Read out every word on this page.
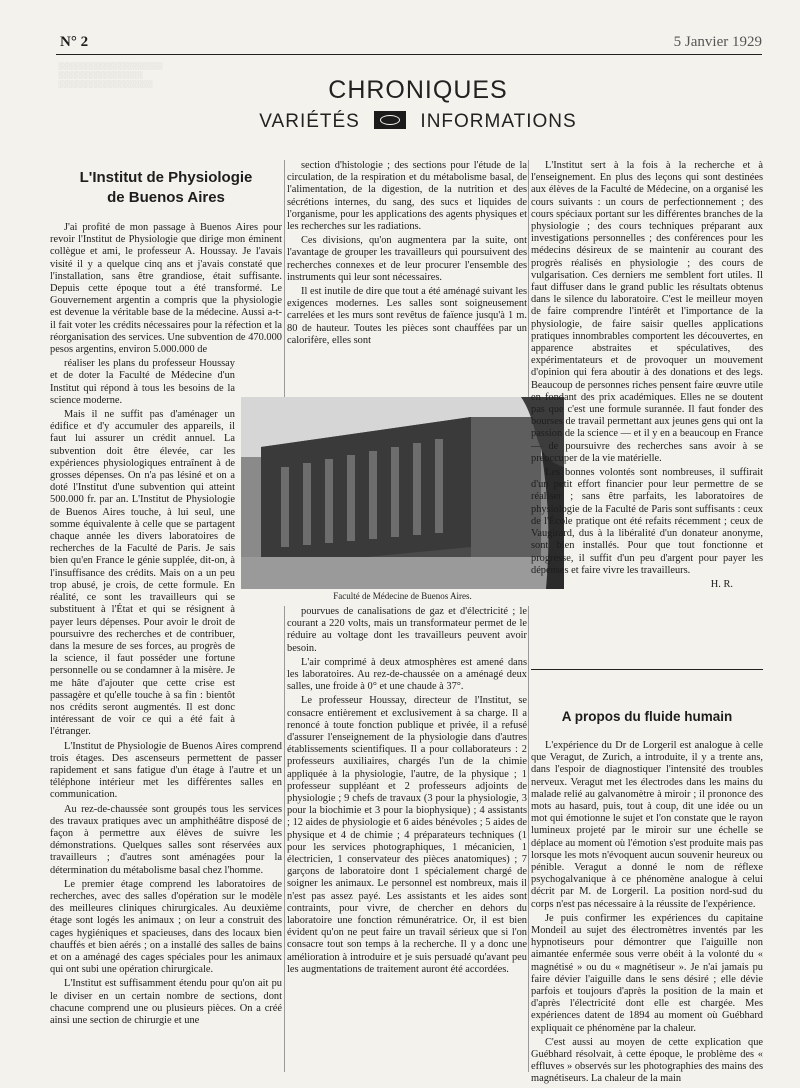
N° 2	5 Janvier 1929
░░░░░░░░░░░░░░░░░░░░░
░░░░░░░░░░░░░░░░░
░░░░░░░░░░░░░░░░░░░	CHRONIQUES
VARIÉTÉS	INFORMATIONS
L'Institut de Physiologie
de Buenos Aires

J'ai profité de mon passage à Buenos Aires pour revoir l'Institut de Physiologie que dirige mon éminent collègue et ami, le professeur A. Houssay. Je l'avais visité il y a quelque cinq ans et j'avais constaté que l'installation, sans être grandiose, était suffisante. Depuis cette époque tout a été transformé. Le Gouvernement argentin a compris que la physiologie est devenue la véritable base de la médecine. Aussi a-t-il fait voter les crédits nécessaires pour la réfection et la réorganisation des services. Une subvention de 470.000 pesos argentins, environ 5.000.000 de

réaliser les plans du professeur Houssay et de doter la Faculté de Médecine d'un Institut qui répond à tous les besoins de la science moderne.

Mais il ne suffit pas d'aménager un édifice et d'y accumuler des appareils, il faut lui assurer un crédit annuel. La subvention doit être élevée, car les expériences physiologiques entraînent à de grosses dépenses. On n'a pas lésiné et on a doté l'Institut d'une subvention qui atteint 500.000 fr. par an. L'Institut de Physiologie de Buenos Aires touche, à lui seul, une somme équivalente à celle que se partagent chaque année les divers laboratoires de recherches de la Faculté de Paris. Je sais bien qu'en France le génie supplée, dit-on, à l'insuffisance des crédits. Mais on a un peu trop abusé, je crois, de cette formule. En réalité, ce sont les travailleurs qui se substituent à l'État et qui se résignent à payer leurs dépenses. Pour avoir le droit de poursuivre des recherches et de contribuer, dans la mesure de ses forces, au progrès de la science, il faut posséder une fortune personnelle ou se condamner à la misère. Je me hâte d'ajouter que cette crise est passagère et qu'elle touche à sa fin : bientôt nos crédits seront augmentés. Il est donc intéressant de voir ce qui a été fait à l'étranger.

L'Institut de Physiologie de Buenos Aires comprend trois étages. Des ascenseurs permettent de passer rapidement et sans fatigue d'un étage à l'autre et un téléphone intérieur met les différentes salles en communication.

Au rez-de-chaussée sont groupés tous les services des travaux pratiques avec un amphithéâtre disposé de façon à permettre aux élèves de suivre les démonstrations. Quelques salles sont réservées aux travailleurs ; d'autres sont aménagées pour la détermination du métabolisme basal chez l'homme.

Le premier étage comprend les laboratoires de recherches, avec des salles d'opération sur le modèle des meilleures cliniques chirurgicales. Au deuxième étage sont logés les animaux ; on leur a construit des cages hygiéniques et spacieuses, dans des locaux bien chauffés et bien aérés ; on a installé des salles de bains et on a aménagé des cages spéciales pour les animaux qui ont subi une opération chirurgicale.

L'Institut est suffisamment étendu pour qu'on ait pu le diviser en un certain nombre de sections, dont chacune comprend une ou plusieurs pièces. On a créé ainsi une section de chirurgie et une

section d'histologie ; des sections pour l'étude de la circulation, de la respiration et du métabolisme basal, de l'alimentation, de la digestion, de la nutrition et des sécrétions internes, du sang, des sucs et liquides de l'organisme, pour les applications des agents physiques et les recherches sur les radiations.

Ces divisions, qu'on augmentera par la suite, ont l'avantage de grouper les travailleurs qui poursuivent des recherches connexes et de leur procurer l'ensemble des instruments qui leur sont nécessaires.

Il est inutile de dire que tout a été aménagé suivant les exigences modernes. Les salles sont soigneusement carrelées et les murs sont revêtus de faïence jusqu'à 1 m. 80 de hauteur. Toutes les pièces sont chauffées par un calorifère, elles sont

Faculté de Médecine de Buenos Aires.

pourvues de canalisations de gaz et d'électricité ; le courant a 220 volts, mais un transformateur permet de le réduire au voltage dont les travailleurs peuvent avoir besoin.

L'air comprimé à deux atmosphères est amené dans les laboratoires. Au rez-de-chaussée on a aménagé deux salles, une froide à 0° et une chaude à 37°.

Le professeur Houssay, directeur de l'Institut, se consacre entièrement et exclusivement à sa charge. Il a renoncé à toute fonction publique et privée, il a refusé d'assurer l'enseignement de la physiologie dans d'autres établissements scientifiques. Il a pour collaborateurs : 2 professeurs auxiliaires, chargés l'un de la chimie appliquée à la physiologie, l'autre, de la physique ; 1 professeur suppléant et 2 professeurs adjoints de physiologie ; 9 chefs de travaux (3 pour la physiologie, 3 pour la biochimie et 3 pour la biophysique) ; 4 assistants ; 12 aides de physiologie et 6 aides bénévoles ; 5 aides de physique et 4 de chimie ; 4 préparateurs techniques (1 pour les services photographiques, 1 mécanicien, 1 électricien, 1 conservateur des pièces anatomiques) ; 7 garçons de laboratoire dont 1 spécialement chargé de soigner les animaux. Le personnel est nombreux, mais il n'est pas assez payé. Les assistants et les aides sont contraints, pour vivre, de chercher en dehors du laboratoire une fonction rémunératrice. Or, il est bien évident qu'on ne peut faire un travail sérieux que si l'on consacre tout son temps à la recherche. Il y a donc une amélioration à introduire et je suis persuadé qu'avant peu les augmentations de traitement auront été accordées.

L'Institut sert à la fois à la recherche et à l'enseignement. En plus des leçons qui sont destinées aux élèves de la Faculté de Médecine, on a organisé les cours suivants : un cours de perfectionnement ; des cours spéciaux portant sur les différentes branches de la physiologie ; des cours techniques préparant aux investigations personnelles ; des conférences pour les médecins désireux de se maintenir au courant des progrès réalisés en physiologie ; des cours de vulgarisation. Ces derniers me semblent fort utiles. Il faut diffuser dans le grand public les résultats obtenus dans le silence du laboratoire. C'est le meilleur moyen de faire comprendre l'intérêt et l'importance de la physiologie, de faire saisir quelles applications pratiques innombrables comportent les découvertes, en apparence abstraites et spéculatives, des expérimentateurs et de provoquer un mouvement d'opinion qui fera aboutir à des donations et des legs. Beaucoup de personnes riches pensent faire œuvre utile en fondant des prix académiques. Elles ne se doutent pas que c'est une formule surannée. Il faut fonder des bourses de travail permettant aux jeunes gens qui ont la passion de la science — et il y en a beaucoup en France — de poursuivre des recherches sans avoir à se préoccuper de la vie matérielle.

Les bonnes volontés sont nombreuses, il suffirait d'un petit effort financier pour leur permettre de se réaliser ; sans être parfaits, les laboratoires de physiologie de la Faculté de Paris sont suffisants : ceux de l'École pratique ont été refaits récemment ; ceux de Vaugirard, dus à la libéralité d'un donateur anonyme, sont bien installés. Pour que tout fonctionne et progresse, il suffit d'un peu d'argent pour payer les dépenses et faire vivre les travailleurs.

H. R.
A propos du fluide humain

L'expérience du Dr de Lorgeril est analogue à celle que Veragut, de Zurich, a introduite, il y a trente ans, dans l'espoir de diagnostiquer l'intensité des troubles nerveux. Veragut met les électrodes dans les mains du malade relié au galvanomètre à miroir ; il prononce des mots au hasard, puis, tout à coup, dit une idée ou un mot qui émotionne le sujet et l'on constate que le rayon lumineux projeté par le miroir sur une échelle se déplace au moment où l'émotion s'est produite mais pas lorsque les mots n'évoquent aucun souvenir heureux ou pénible. Veragut a donné le nom de réflexe psychogalvanique à ce phénomène analogue à celui décrit par M. de Lorgeril. La position nord-sud du corps n'est pas nécessaire à la réussite de l'expérience.

Je puis confirmer les expériences du capitaine Mondeil au sujet des électromètres inventés par les hypnotiseurs pour démontrer que l'aiguille non aimantée enfermée sous verre obéit à la volonté du « magnétisé » ou du « magnétiseur ». Je n'ai jamais pu faire dévier l'aiguille dans le sens désiré ; elle dévie parfois et toujours d'après la position de la main et d'après l'électricité dont elle est chargée. Mes expériences datent de 1894 au moment où Guébhard expliquait ce phénomène par la chaleur.

C'est aussi au moyen de cette explication que Guébhard résolvait, à cette époque, le problème des « effluves » observés sur les photographies des mains des magnétiseurs. La chaleur de la main
